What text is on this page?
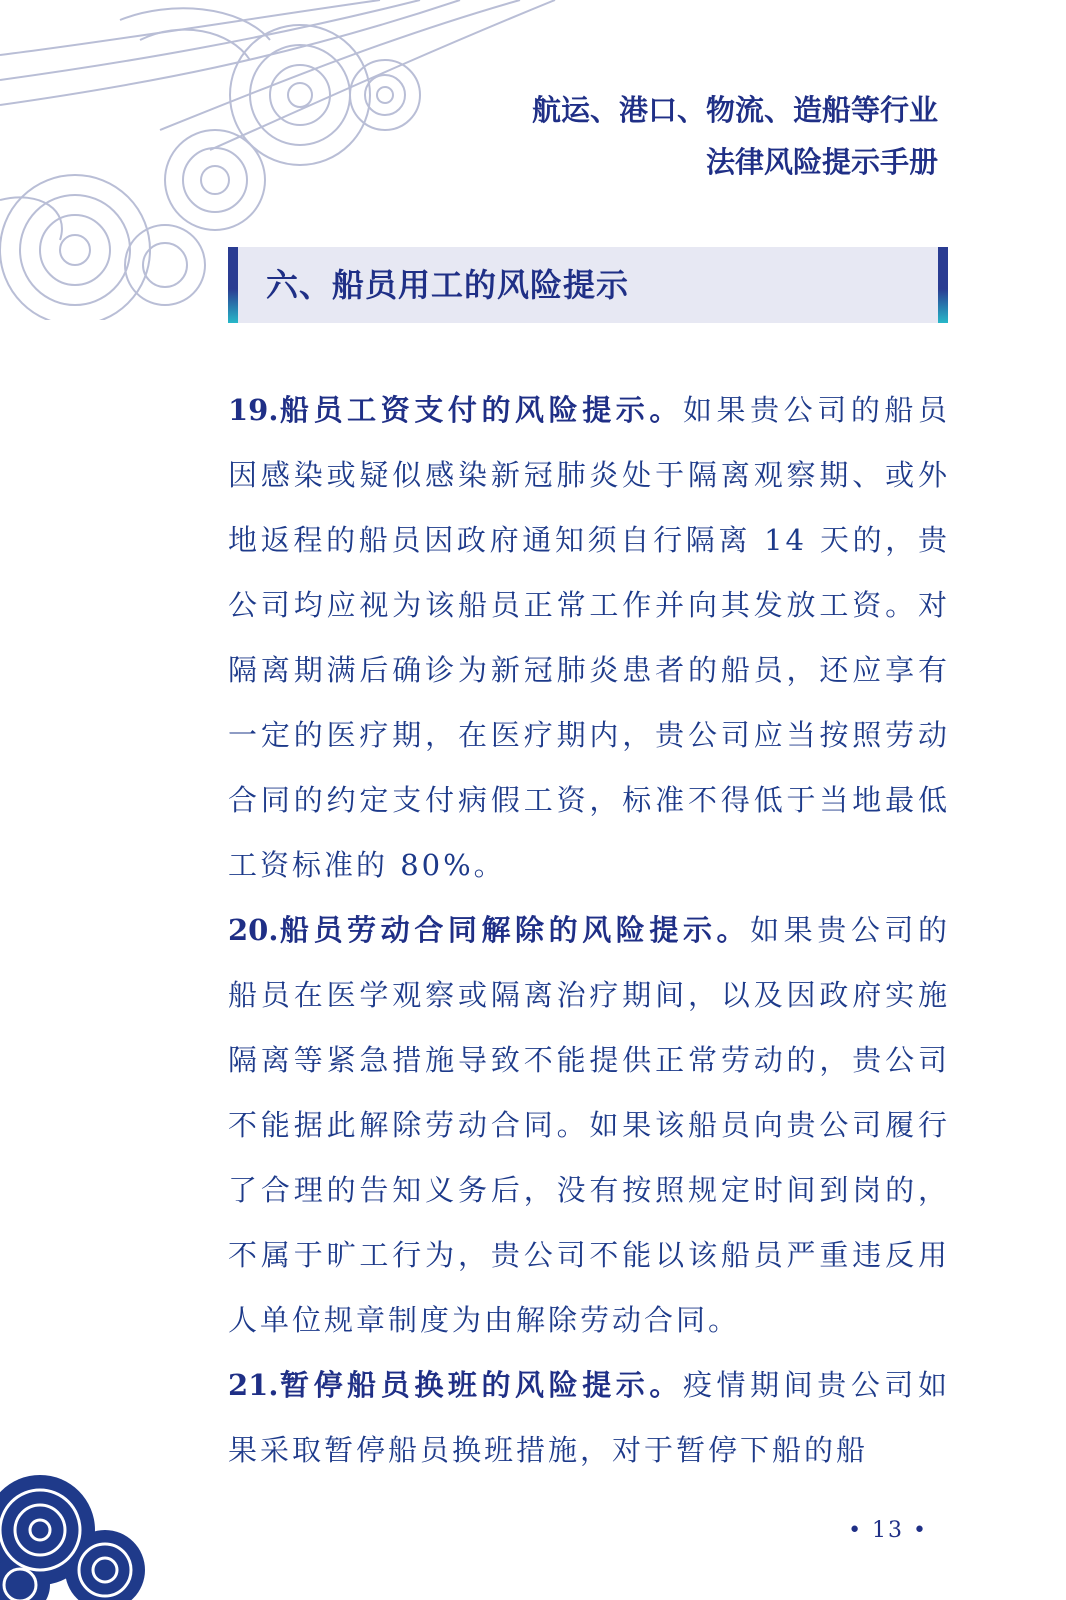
航运、港口、物流、造船等行业
法律风险提示手册
六、船员用工的风险提示

19.船员工资支付的风险提示。如果贵公司的船员因感染或疑似感染新冠肺炎处于隔离观察期、或外地返程的船员因政府通知须自行隔离 14 天的，贵公司均应视为该船员正常工作并向其发放工资。对隔离期满后确诊为新冠肺炎患者的船员，还应享有一定的医疗期，在医疗期内，贵公司应当按照劳动合同的约定支付病假工资，标准不得低于当地最低工资标准的 80%。

20.船员劳动合同解除的风险提示。如果贵公司的船员在医学观察或隔离治疗期间，以及因政府实施隔离等紧急措施导致不能提供正常劳动的，贵公司不能据此解除劳动合同。如果该船员向贵公司履行了合理的告知义务后，没有按照规定时间到岗的，不属于旷工行为，贵公司不能以该船员严重违反用人单位规章制度为由解除劳动合同。

21.暂停船员换班的风险提示。疫情期间贵公司如果采取暂停船员换班措施，对于暂停下船的船

• 13 •
